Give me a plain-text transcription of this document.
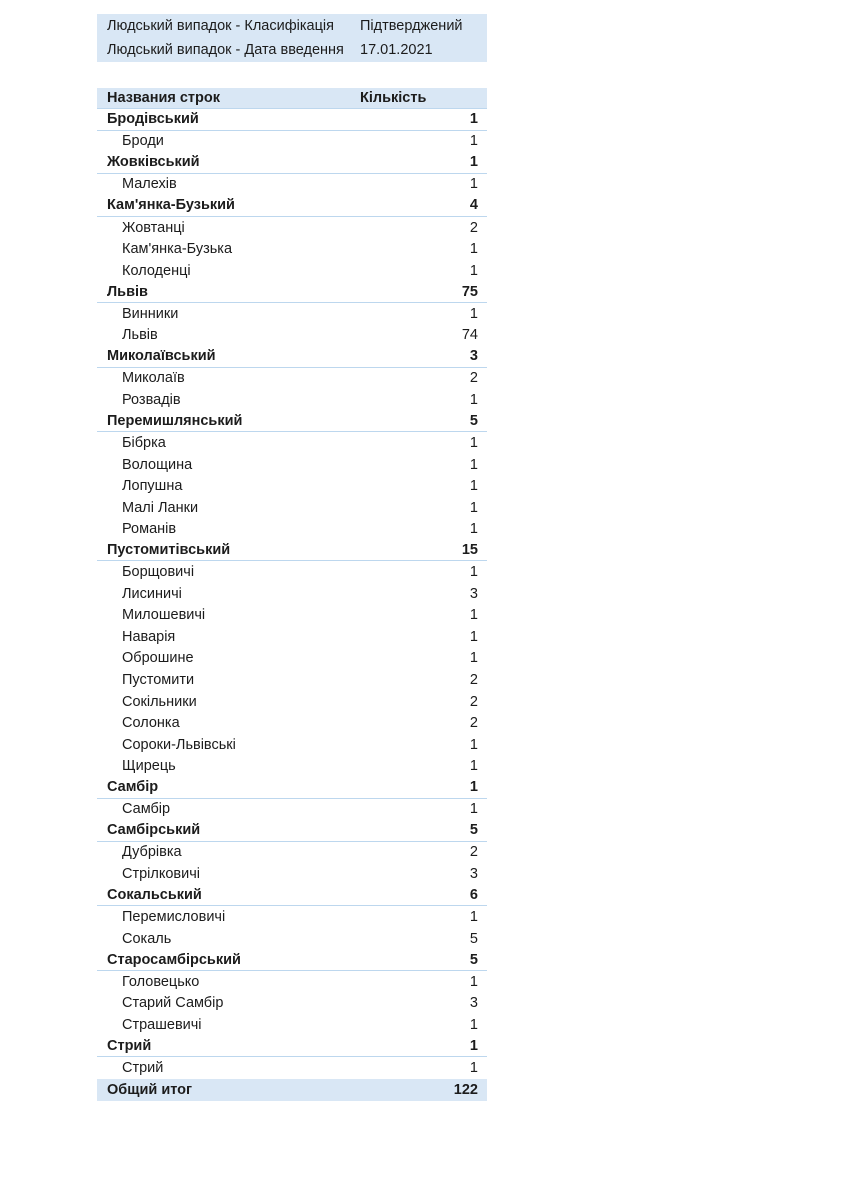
Людський випадок - Класифікація	Підтверджений
Людський випадок - Дата введення	17.01.2021
Названия строк	Кількість
Бродівський	1
Броди	1
Жовківський	1
Малехів	1
Кам'янка-Бузький	4
Жовтанці	2
Кам'янка-Бузька	1
Колоденці	1
Львів	75
Винники	1
Львів	74
Миколаївський	3
Миколаїв	2
Розвадів	1
Перемишлянський	5
Бібрка	1
Волощина	1
Лопушна	1
Малі Ланки	1
Романів	1
Пустомитівський	15
Борщовичі	1
Лисиничі	3
Милошевичі	1
Наварія	1
Оброшине	1
Пустомити	2
Сокільники	2
Солонка	2
Сороки-Львівські	1
Щирець	1
Самбір	1
Самбір	1
Самбірський	5
Дубрівка	2
Стрілковичі	3
Сокальський	6
Перемисловичі	1
Сокаль	5
Старосамбірський	5
Головецько	1
Старий Самбір	3
Страшевичі	1
Стрий	1
Стрий	1
Общий итог	122
